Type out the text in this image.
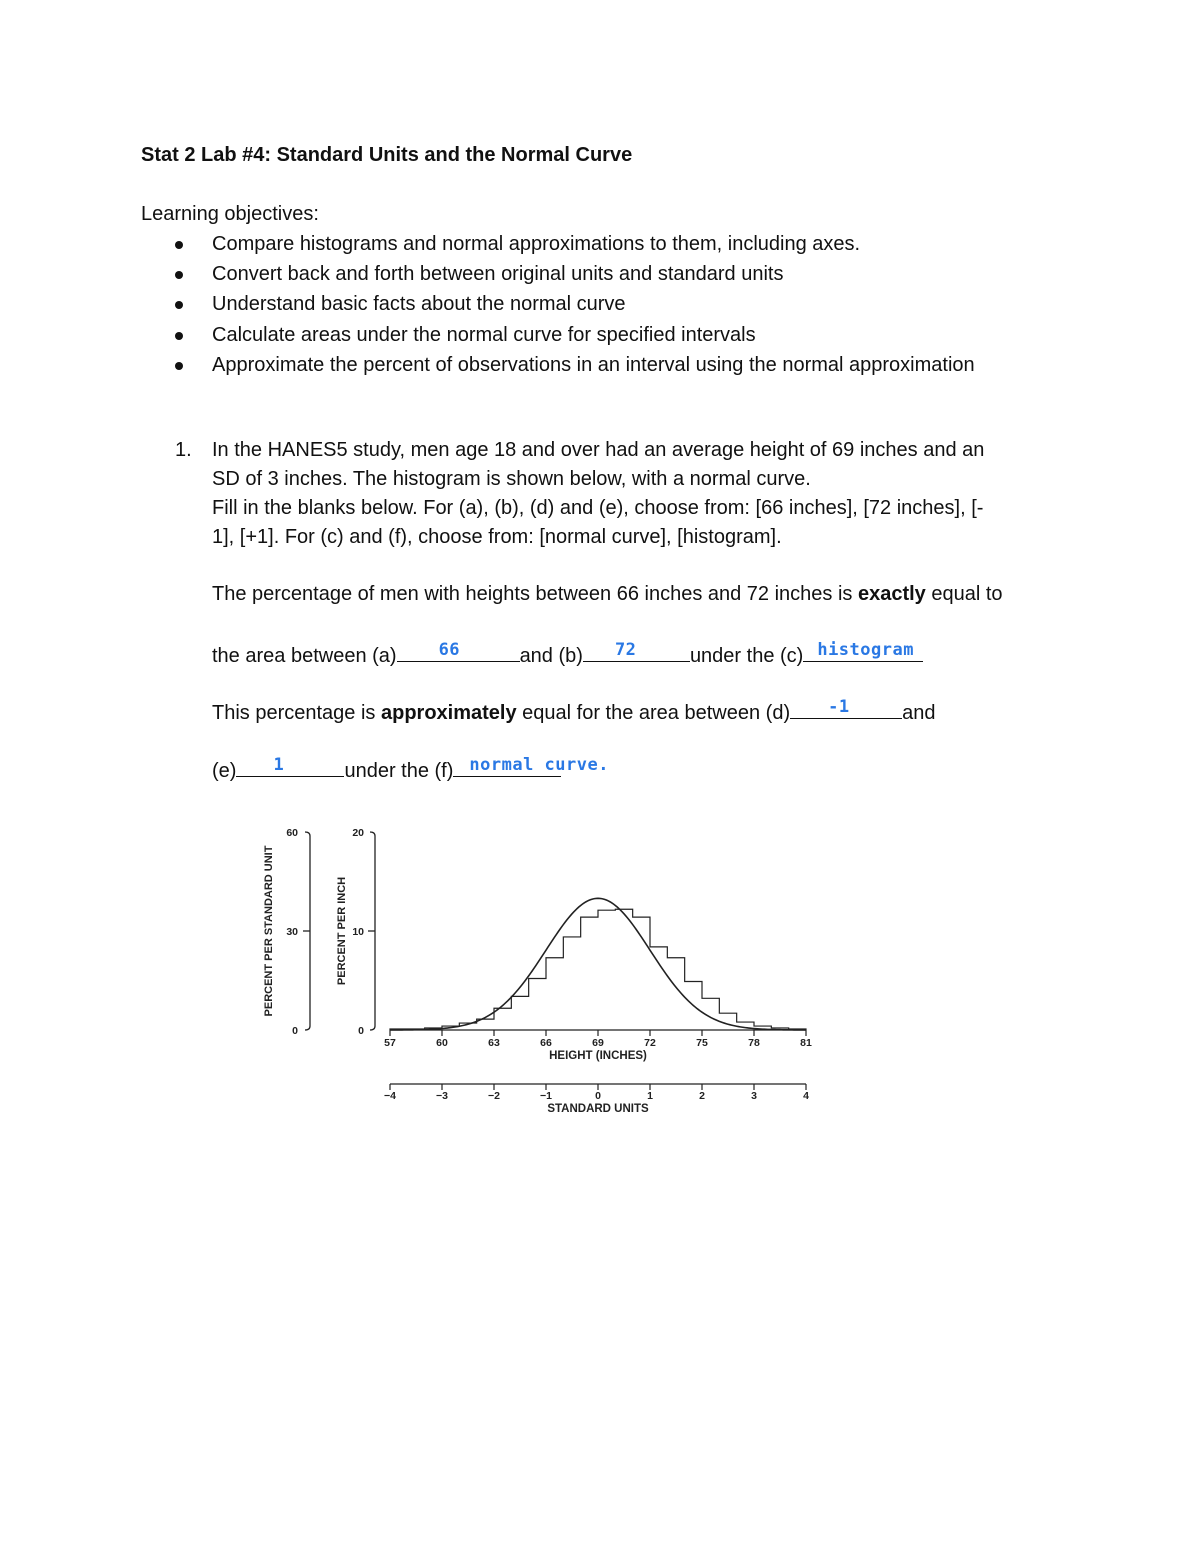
Stat 2 Lab #4: Standard Units and the Normal Curve
Learning objectives:
Compare histograms and normal approximations to them, including axes.
Convert back and forth between original units and standard units
Understand basic facts about the normal curve
Calculate areas under the normal curve for specified intervals
Approximate the percent of observations in an interval using the normal approximation
1. In the HANES5 study, men age 18 and over had an average height of 69 inches and an
SD of 3 inches. The histogram is shown below, with a normal curve.
Fill in the blanks below. For (a), (b), (d) and (e), choose from: [66 inches], [72 inches], [-
1], [+1]. For (c) and (f), choose from: [normal curve], [histogram].
The percentage of men with heights between 66 inches and 72 inches is exactly equal to
the area between (a) 66	and (b) 72	under the (c) histogram
This percentage is approximately equal for the area between (d) -1	and
(e) 1	under the (f) normal curve.
57	60	63	66	69	72	75	78	81
−4	−3	−2	−1	0	1	2	3	4
0	0
30	10
60	20
HEIGHT (INCHES)
STANDARD UNITS
PERCENT PER STANDARD UNIT	PERCENT PER INCH
